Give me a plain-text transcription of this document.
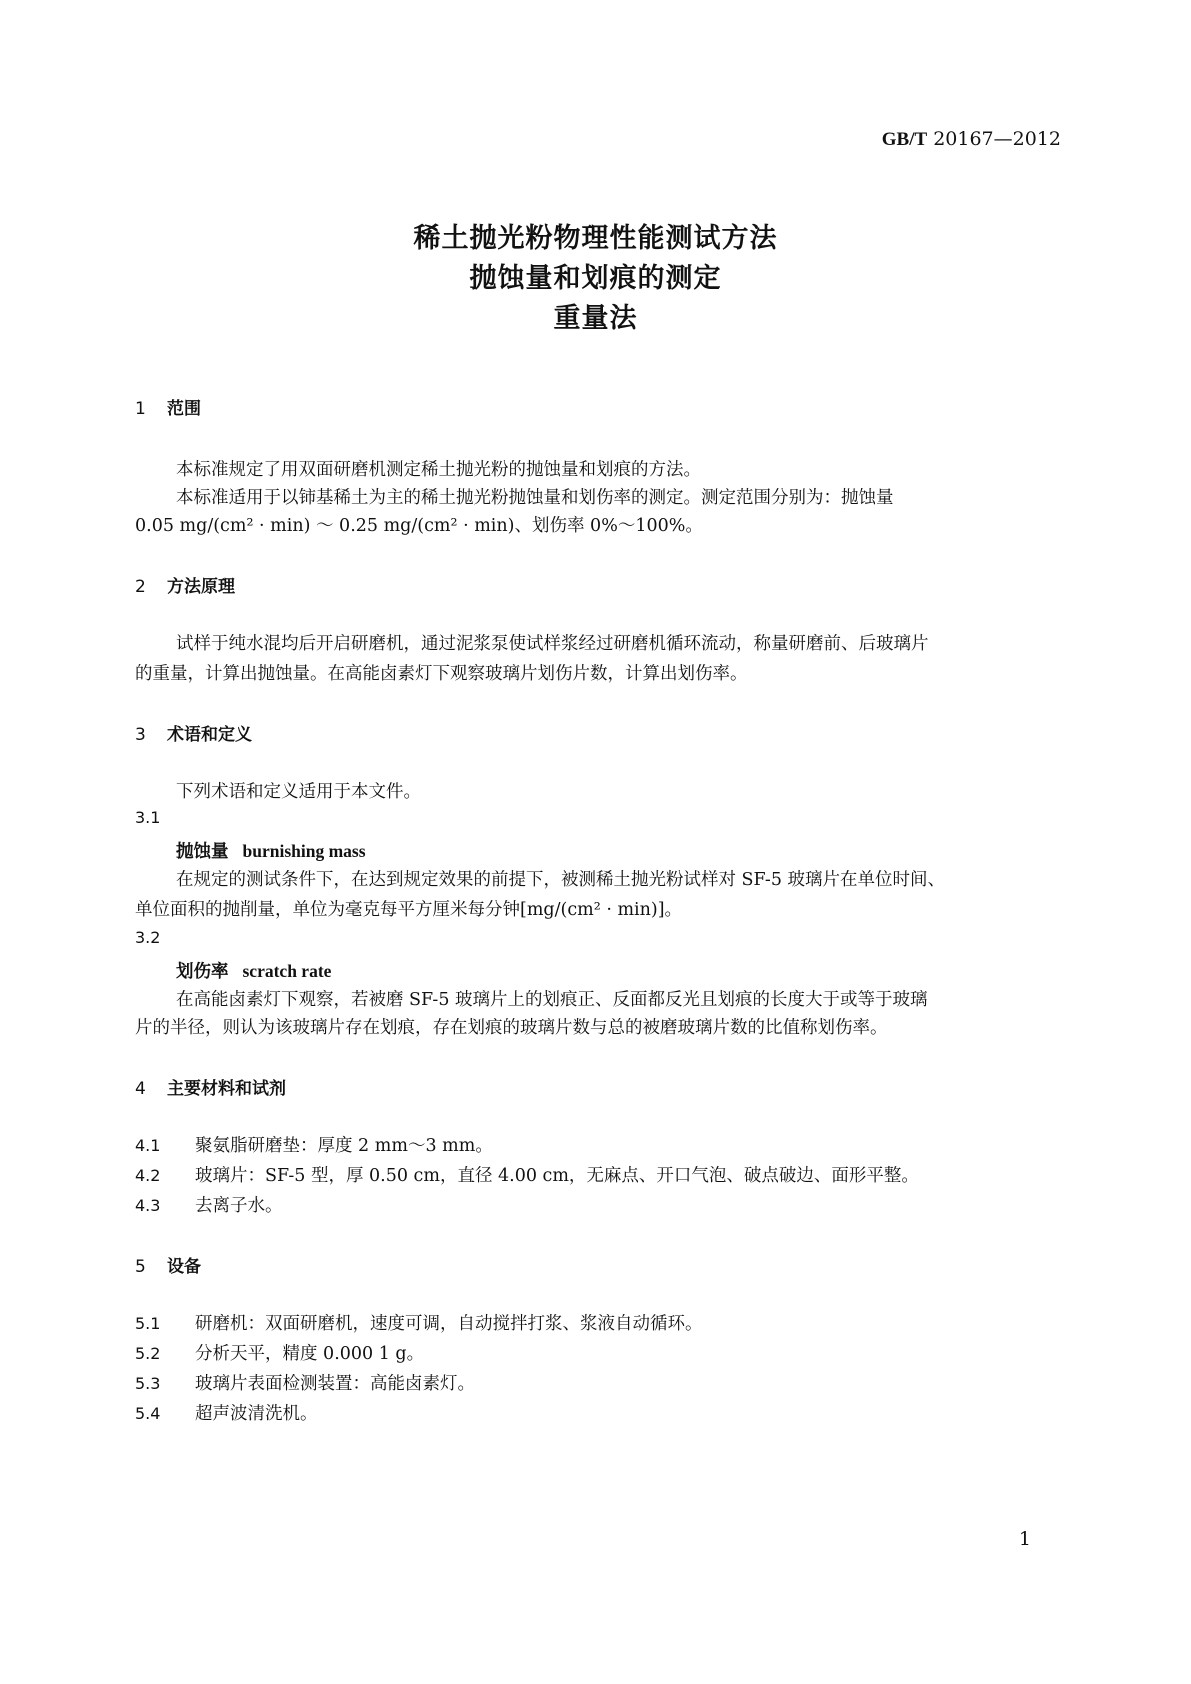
GB/T 20167—2012
稀土抛光粉物理性能测试方法
抛蚀量和划痕的测定
重量法
1 范围
本标准规定了用双面研磨机测定稀土抛光粉的抛蚀量和划痕的方法。
本标准适用于以铈基稀土为主的稀土抛光粉抛蚀量和划伤率的测定。测定范围分别为：抛蚀量
0.05 mg/(cm² · min) ～ 0.25 mg/(cm² · min)、划伤率 0%～100%。
2 方法原理
试样于纯水混均后开启研磨机，通过泥浆泵使试样浆经过研磨机循环流动，称量研磨前、后玻璃片
的重量，计算出抛蚀量。在高能卤素灯下观察玻璃片划伤片数，计算出划伤率。
3 术语和定义
下列术语和定义适用于本文件。
3.1
抛蚀量 burnishing mass
在规定的测试条件下，在达到规定效果的前提下，被测稀土抛光粉试样对 SF-5 玻璃片在单位时间、
单位面积的抛削量，单位为毫克每平方厘米每分钟[mg/(cm² · min)]。
3.2
划伤率 scratch rate
在高能卤素灯下观察，若被磨 SF-5 玻璃片上的划痕正、反面都反光且划痕的长度大于或等于玻璃
片的半径，则认为该玻璃片存在划痕，存在划痕的玻璃片数与总的被磨玻璃片数的比值称划伤率。
4 主要材料和试剂
4.1 聚氨脂研磨垫：厚度 2 mm～3 mm。
4.2 玻璃片：SF-5 型，厚 0.50 cm，直径 4.00 cm，无麻点、开口气泡、破点破边、面形平整。
4.3 去离子水。
5 设备
5.1 研磨机：双面研磨机，速度可调，自动搅拌打浆、浆液自动循环。
5.2 分析天平，精度 0.000 1 g。
5.3 玻璃片表面检测装置：高能卤素灯。
5.4 超声波清洗机。
1
